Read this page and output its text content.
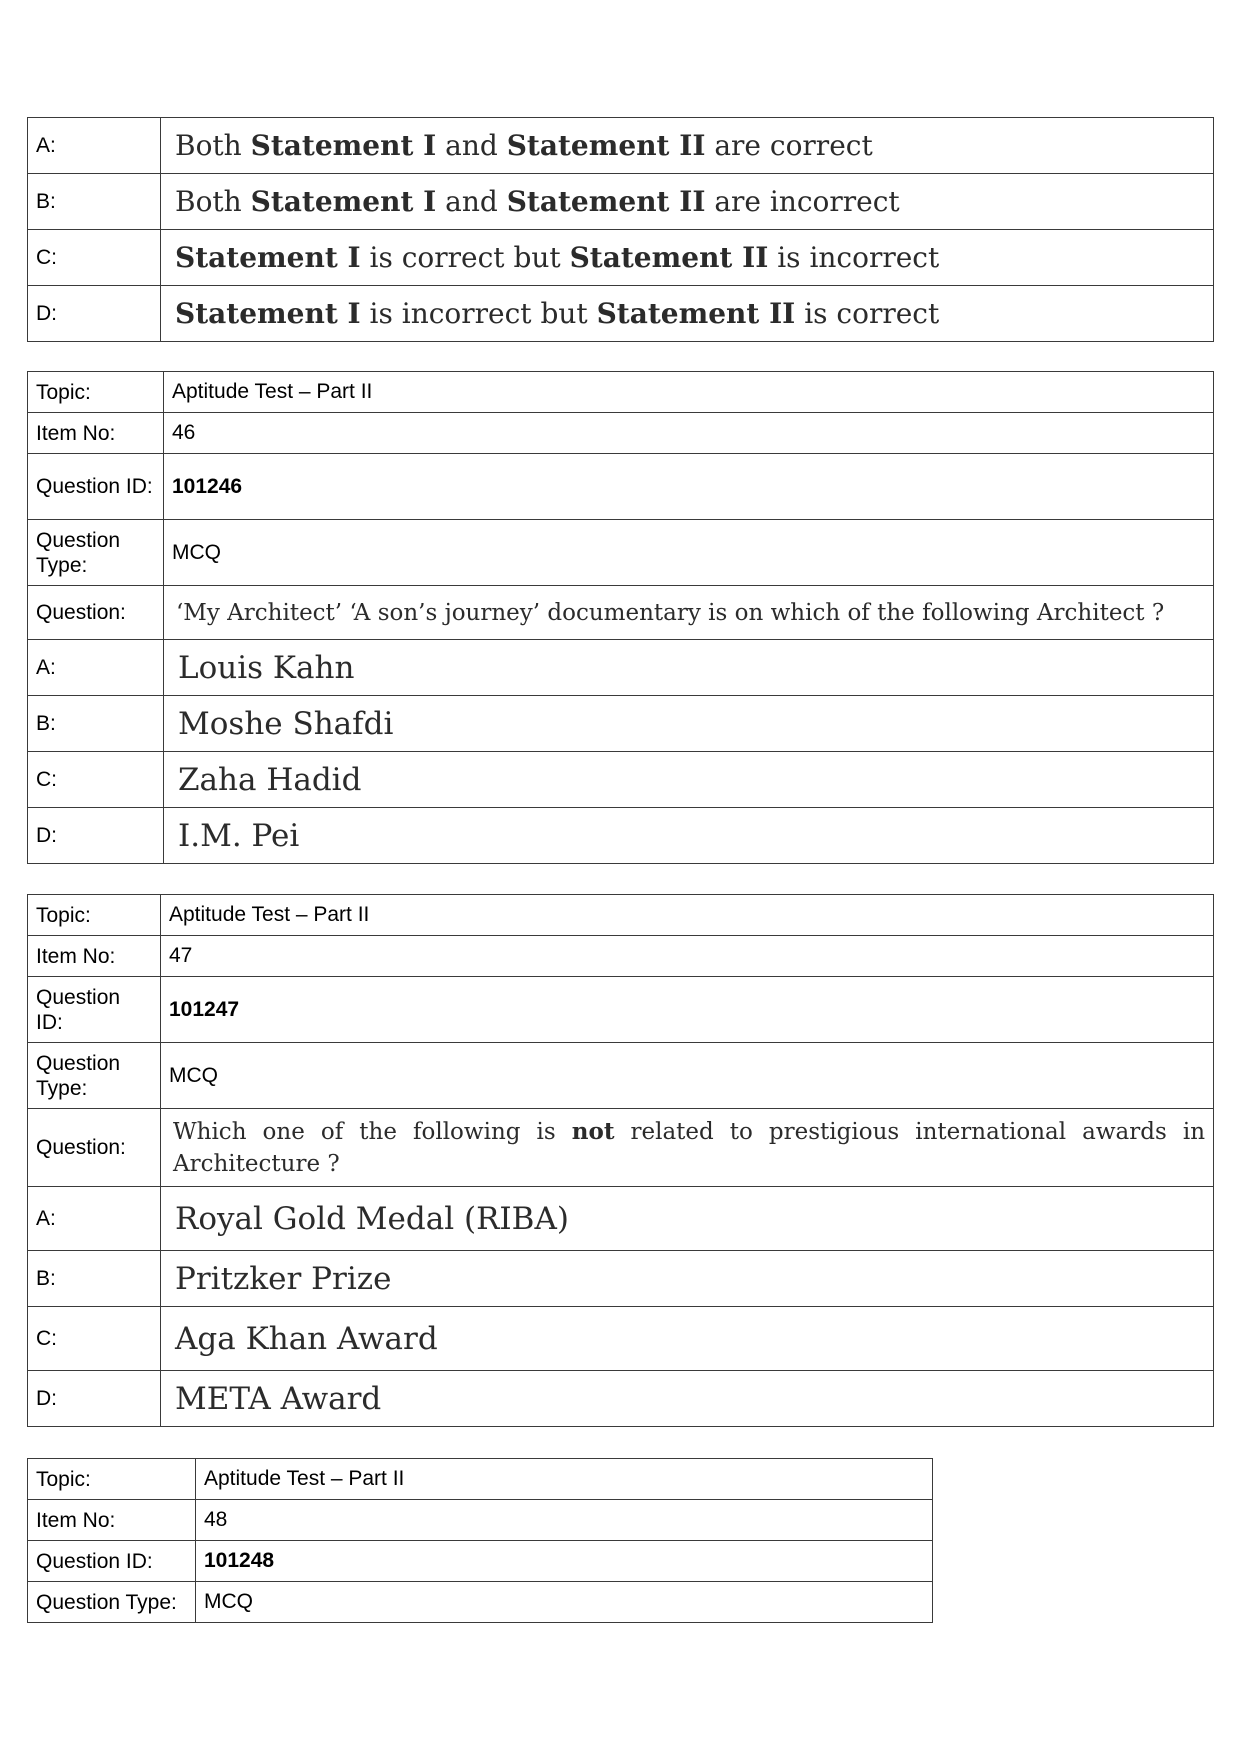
A:	Both Statement I and Statement II are correct
B:	Both Statement I and Statement II are incorrect
C:	Statement I is correct but Statement II is incorrect
D:	Statement I is incorrect but Statement II is correct
Topic:	Aptitude Test – Part II
Item No:	46
Question ID:	101246
Question Type:	MCQ
Question:	‘My Architect’ ‘A son’s journey’ documentary is on which of the following Architect ?
A:	Louis Kahn
B:	Moshe Shafdi
C:	Zaha Hadid
D:	I.M. Pei
Topic:	Aptitude Test – Part II
Item No:	47
Question ID:	101247
Question Type:	MCQ
Question:	Which one of the following is not related to prestigious international awards in Architecture ?
A:	Royal Gold Medal (RIBA)
B:	Pritzker Prize
C:	Aga Khan Award
D:	META Award
Topic:	Aptitude Test – Part II
Item No:	48
Question ID:	101248
Question Type:	MCQ
